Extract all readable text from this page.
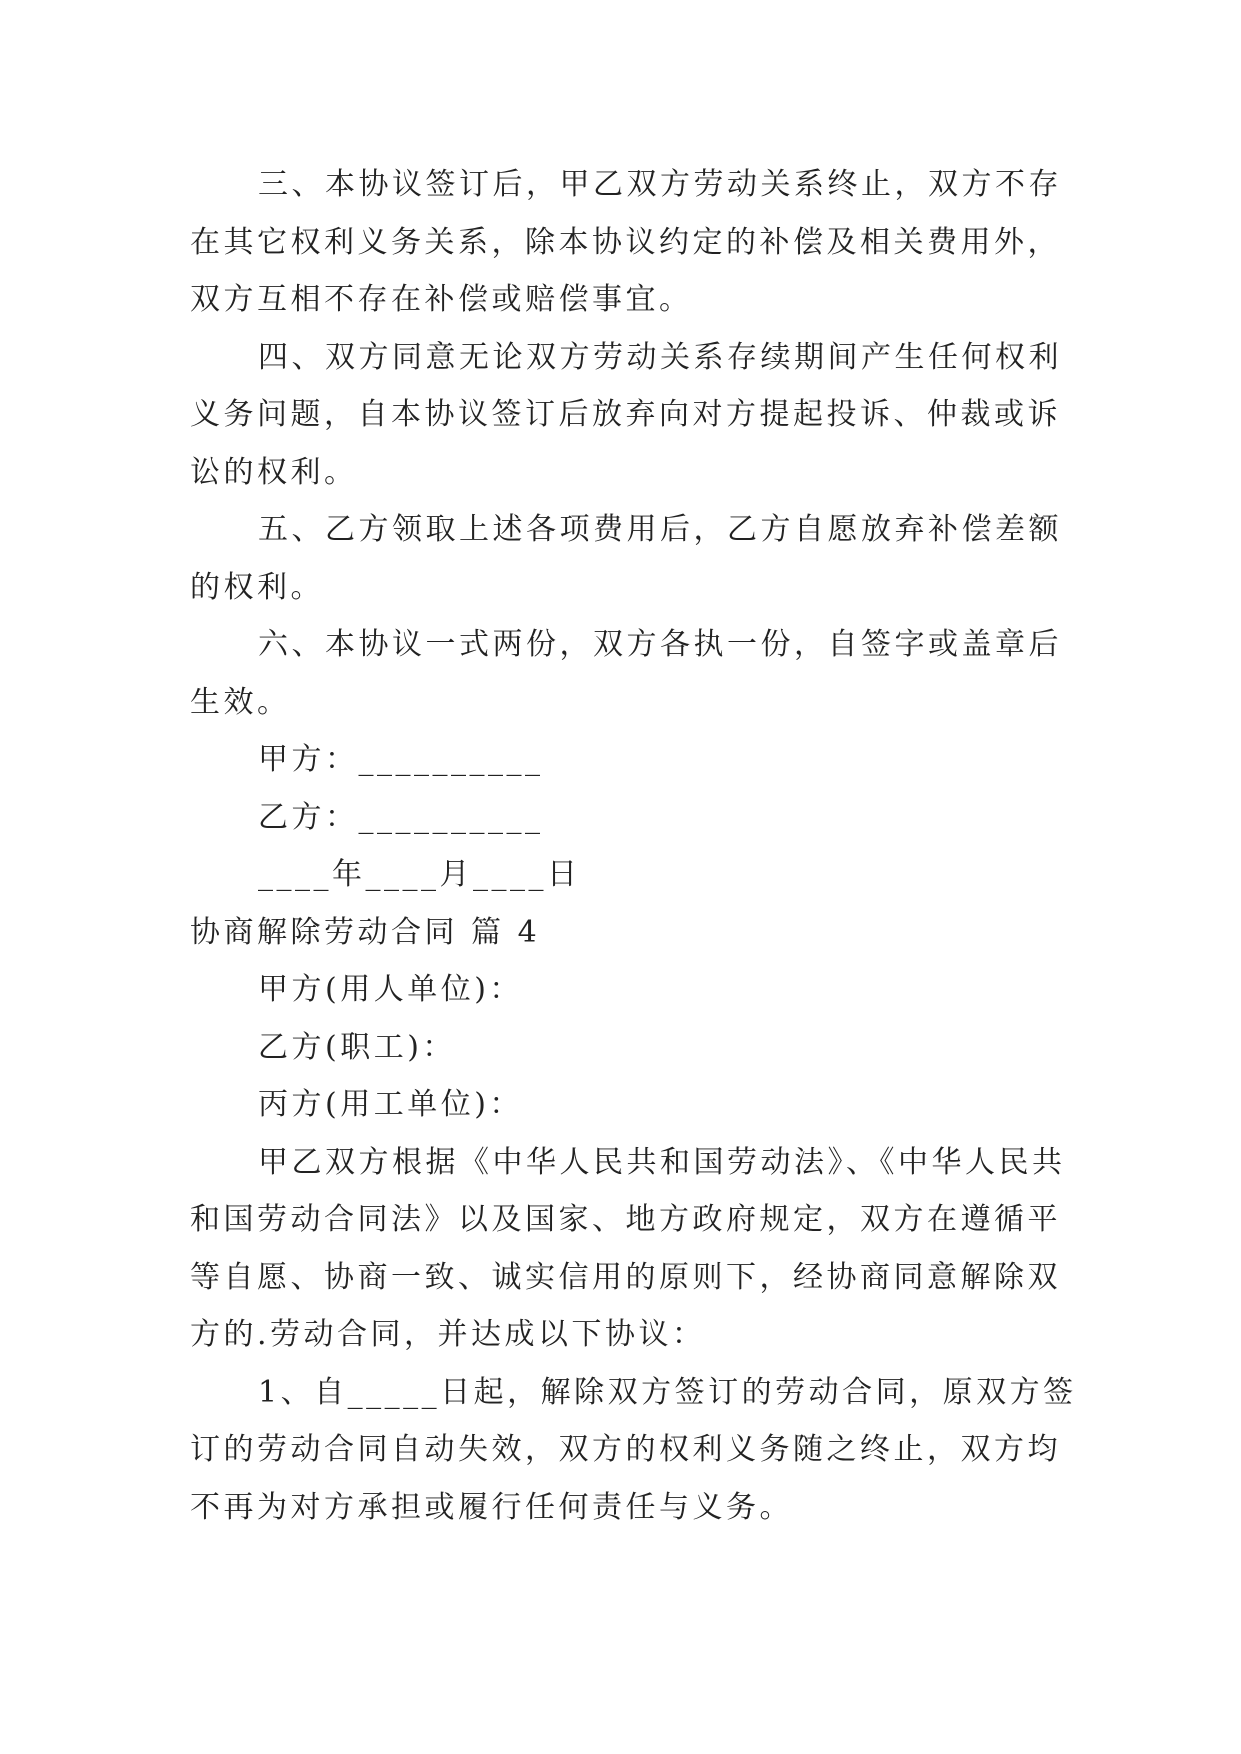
三、本协议签订后，甲乙双方劳动关系终止，双方不存
在其它权利义务关系，除本协议约定的补偿及相关费用外，
双方互相不存在补偿或赔偿事宜。
四、双方同意无论双方劳动关系存续期间产生任何权利
义务问题，自本协议签订后放弃向对方提起投诉、仲裁或诉
讼的权利。
五、乙方领取上述各项费用后，乙方自愿放弃补偿差额
的权利。
六、本协议一式两份，双方各执一份，自签字或盖章后
生效。
甲方：__________
乙方：__________
____年____月____日
协商解除劳动合同 篇 4
甲方(用人单位)：
乙方(职工)：
丙方(用工单位)：
甲乙双方根据《中华人民共和国劳动法》、《中华人民共
和国劳动合同法》以及国家、地方政府规定，双方在遵循平
等自愿、协商一致、诚实信用的原则下，经协商同意解除双
方的.劳动合同，并达成以下协议：
1、自_____日起，解除双方签订的劳动合同，原双方签
订的劳动合同自动失效，双方的权利义务随之终止，双方均
不再为对方承担或履行任何责任与义务。
